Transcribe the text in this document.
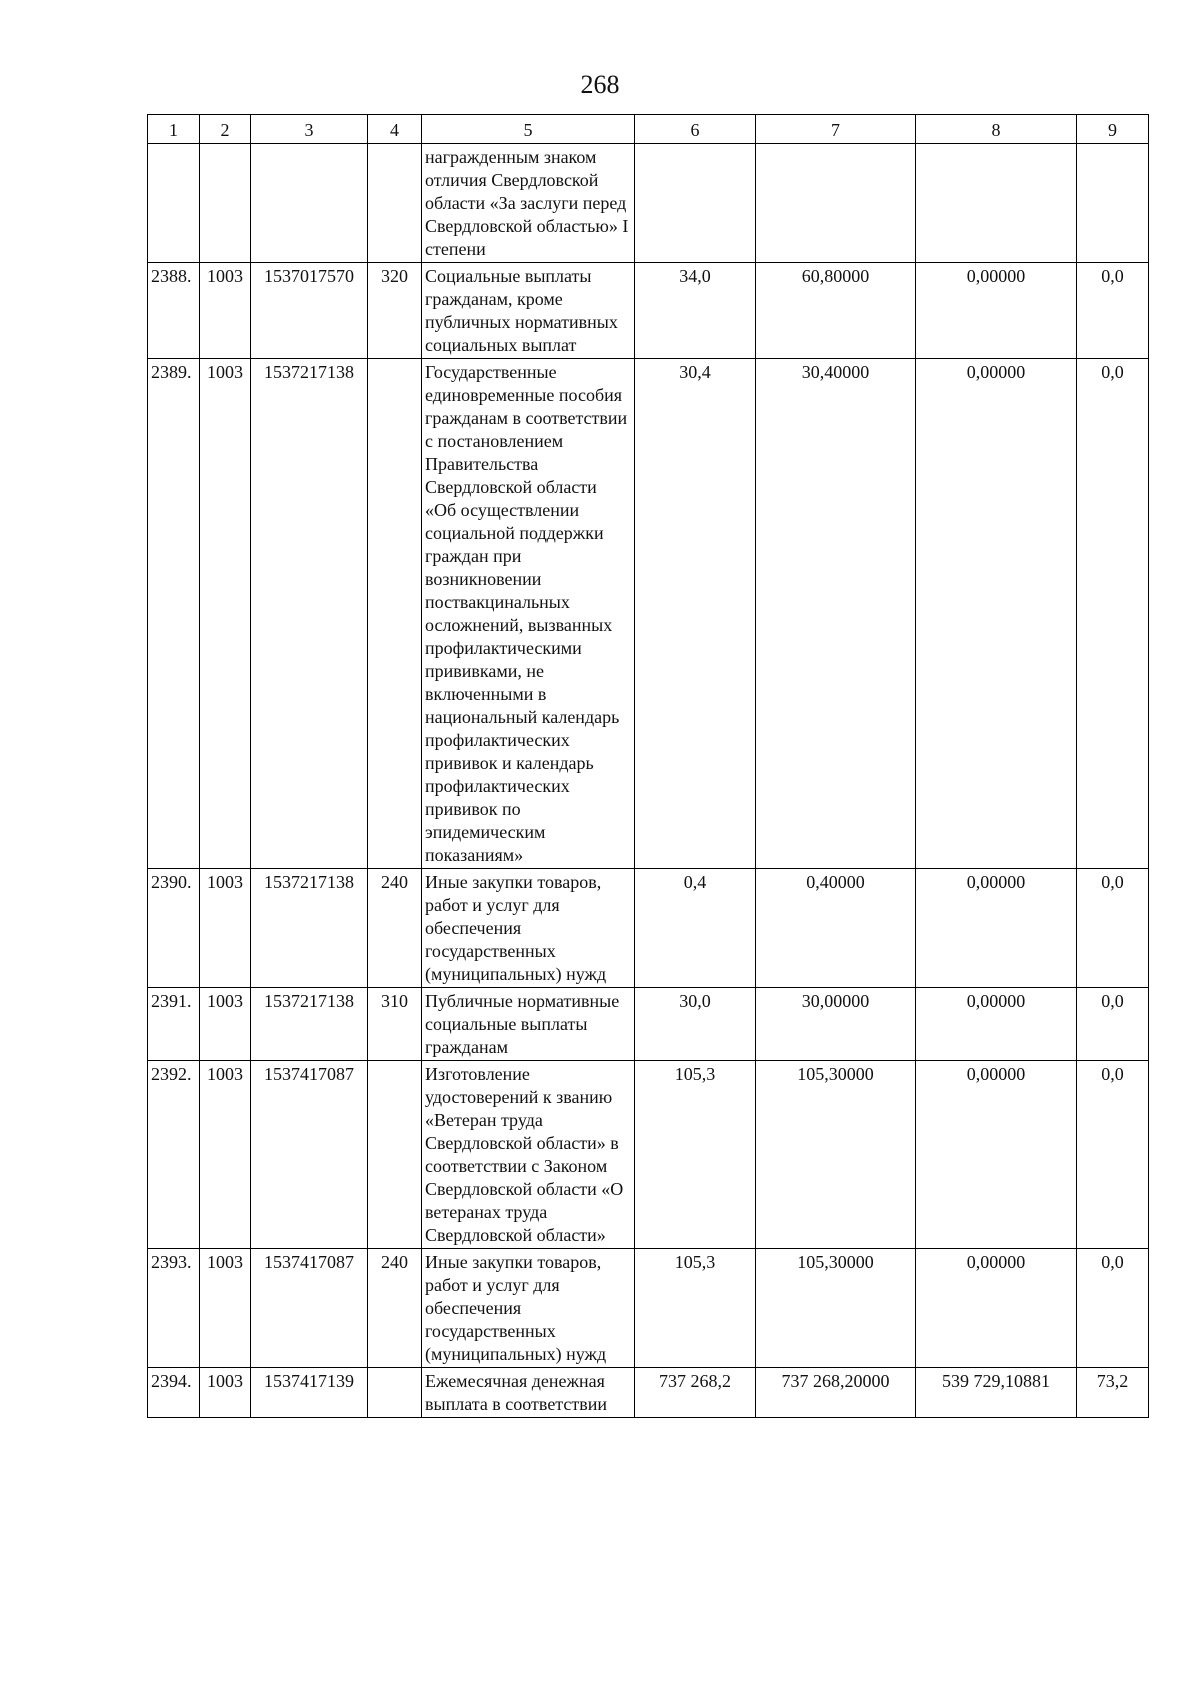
268
1	2	3	4	5	6	7	8	9
				награжденным знаком отличия Свердловской области «За заслуги перед Свердловской областью» I степени				
2388.	1003	1537017570	320	Социальные выплаты гражданам, кроме публичных нормативных социальных выплат	34,0	60,80000	0,00000	0,0
2389.	1003	1537217138		Государственные единовременные пособия гражданам в соответствии с постановлением Правительства Свердловской области «Об осуществлении социальной поддержки граждан при возникновении поствакцинальных осложнений, вызванных профилактическими прививками, не включенными в национальный календарь профилактических прививок и календарь профилактических прививок по эпидемическим показаниям»	30,4	30,40000	0,00000	0,0
2390.	1003	1537217138	240	Иные закупки товаров, работ и услуг для обеспечения государственных (муниципальных) нужд	0,4	0,40000	0,00000	0,0
2391.	1003	1537217138	310	Публичные нормативные социальные выплаты гражданам	30,0	30,00000	0,00000	0,0
2392.	1003	1537417087		Изготовление удостоверений к званию «Ветеран труда Свердловской области» в соответствии с Законом Свердловской области «О ветеранах труда Свердловской области»	105,3	105,30000	0,00000	0,0
2393.	1003	1537417087	240	Иные закупки товаров, работ и услуг для обеспечения государственных (муниципальных) нужд	105,3	105,30000	0,00000	0,0
2394.	1003	1537417139		Ежемесячная денежная выплата в соответствии	737 268,2	737 268,20000	539 729,10881	73,2
